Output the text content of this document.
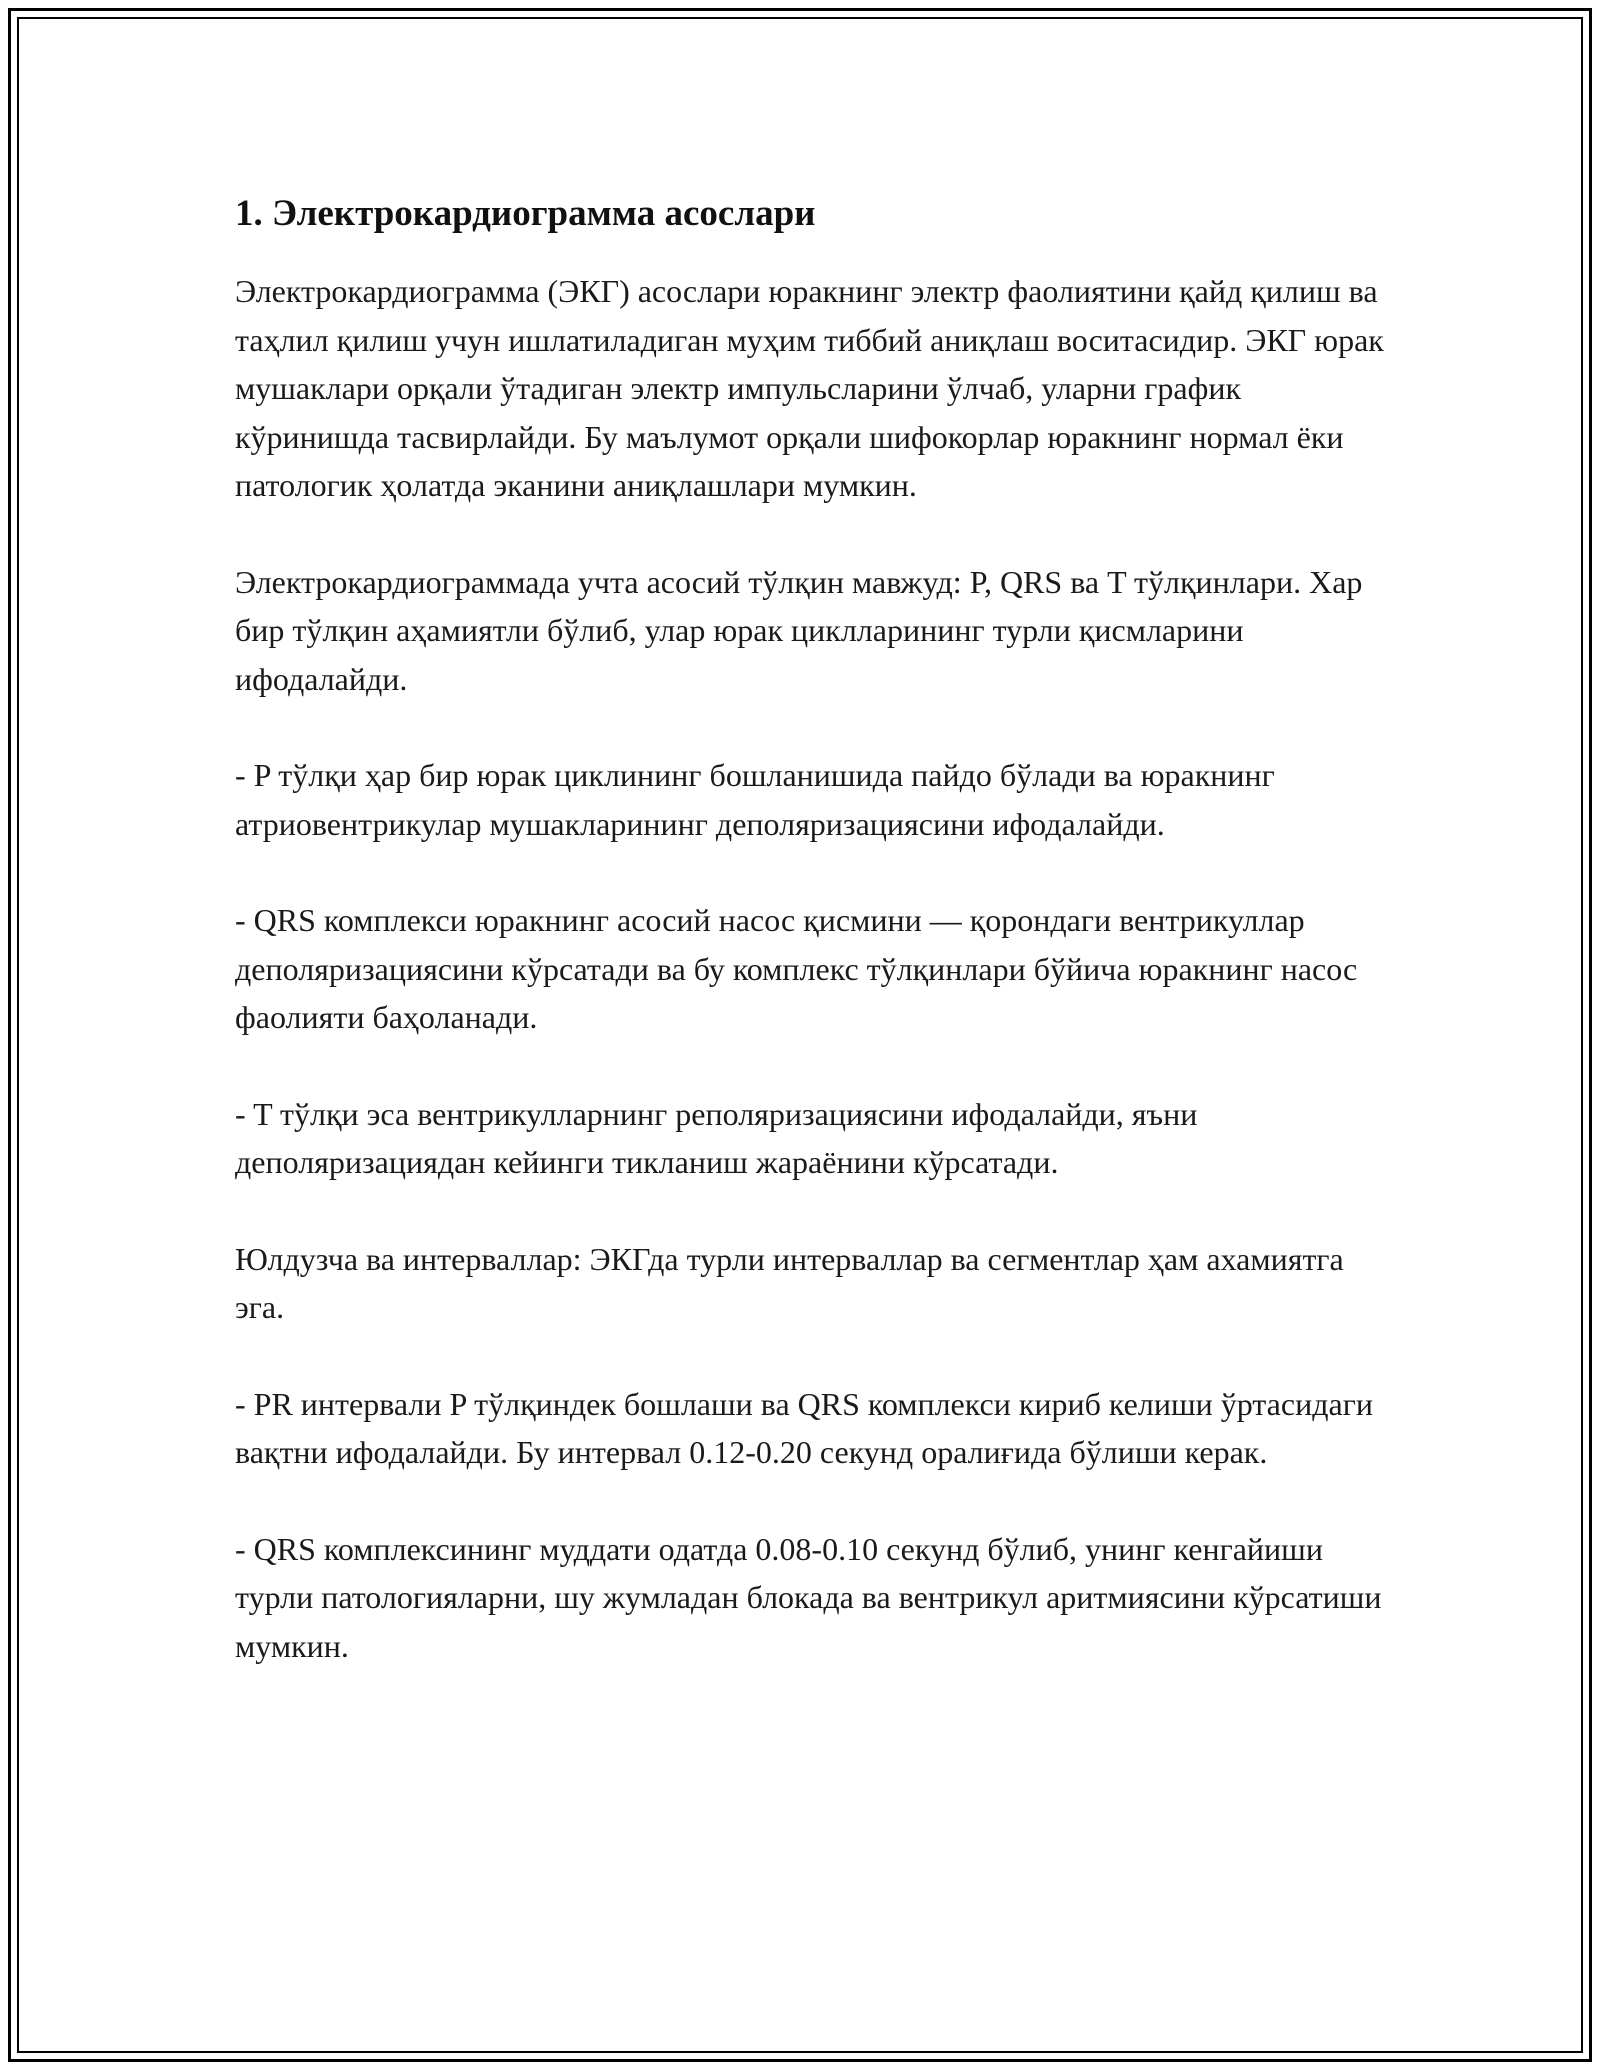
1. Электрокардиограмма асослари

Электрокардиограмма (ЭКГ) асослари юракнинг электр фаолиятини қайд қилиш ва таҳлил қилиш учун ишлатиладиган муҳим тиббий аниқлаш воситасидир. ЭКГ юрак мушаклари орқали ўтадиган электр импульсларини ўлчаб, уларни график кўринишда тасвирлайди. Бу маълумот орқали шифокорлар юракнинг нормал ёки патологик ҳолатда эканини аниқлашлари мумкин.

Электрокардиограммада учта асосий тўлқин мавжуд: P, QRS ва T тўлқинлари. Хар бир тўлқин аҳамиятли бўлиб, улар юрак циклларининг турли қисмларини ифодалайди.

- P тўлқи ҳар бир юрак циклининг бошланишида пайдо бўлади ва юракнинг атриовентрикулар мушакларининг деполяризациясини ифодалайди.

- QRS комплекси юракнинг асосий насос қисмини — қорондаги вентрикуллар деполяризациясини кўрсатади ва бу комплекс тўлқинлари бўйича юракнинг насос фаолияти баҳоланади.

- T тўлқи эса вентрикулларнинг реполяризациясини ифодалайди, яъни деполяризациядан кейинги тикланиш жараёнини кўрсатади.

Юлдузча ва интерваллар: ЭКГда турли интерваллар ва сегментлар ҳам ахамиятга эга.

- PR интервали P тўлқиндек бошлаши ва QRS комплекси кириб келиши ўртасидаги вақтни ифодалайди. Бу интервал 0.12-0.20 секунд оралиғида бўлиши керак.

- QRS комплексининг муддати одатда 0.08-0.10 секунд бўлиб, унинг кенгайиши турли патологияларни, шу жумладан блокада ва вентрикул аритмиясини кўрсатиши мумкин.
